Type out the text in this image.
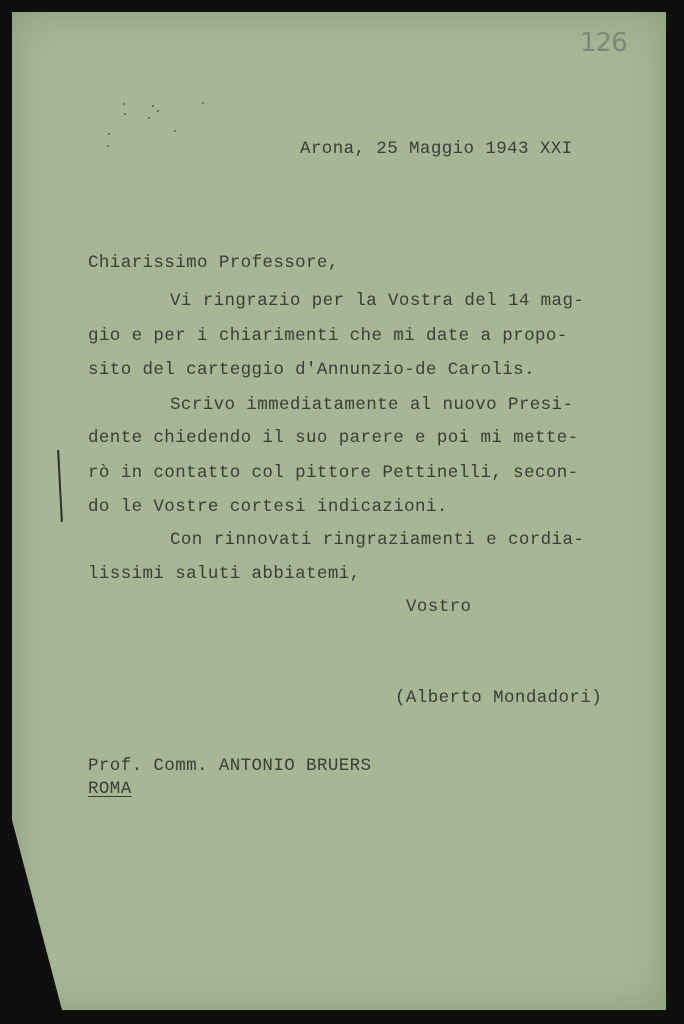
126
Arona, 25 Maggio 1943 XXI
Chiarissimo Professore,
Vi ringrazio per la Vostra del 14 mag-
gio e per i chiarimenti che mi date a propo-
sito del carteggio d'Annunzio-de Carolis.
Scrivo immediatamente al nuovo Presi-
dente chiedendo il suo parere e poi mi mette-
rò in contatto col pittore Pettinelli, secon-
do le Vostre cortesi indicazioni.
Con rinnovati ringraziamenti e cordia-
lissimi saluti abbiatemi,
Vostro
(Alberto Mondadori)
Prof. Comm. ANTONIO BRUERS
ROMA
